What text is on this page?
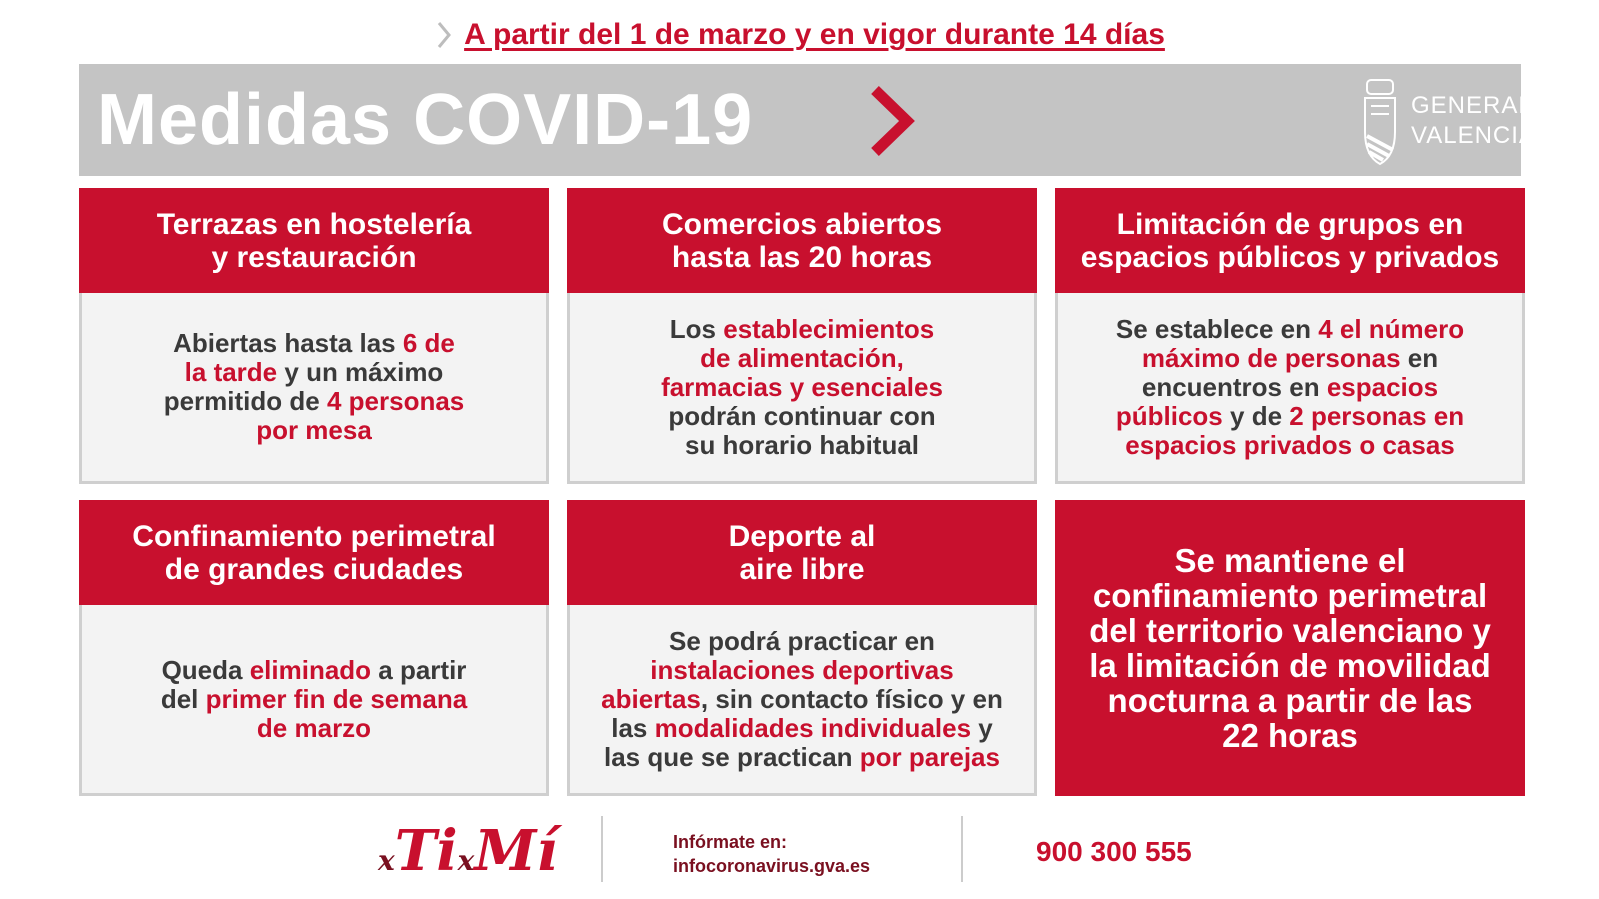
A partir del 1 de marzo y en vigor durante 14 días
Medidas COVID-19	GENERALITAT
VALENCIANA
Terrazas en hostelería
y restauración

Abiertas hasta las 6 de
la tarde y un máximo
permitido de 4 personas
por mesa

Comercios abiertos
hasta las 20 horas

Los establecimientos
de alimentación,
farmacias y esenciales
podrán continuar con
su horario habitual

Limitación de grupos en
espacios públicos y privados

Se establece en 4 el número
máximo de personas en
encuentros en espacios
públicos y de 2 personas en
espacios privados o casas

Confinamiento perimetral
de grandes ciudades

Queda eliminado a partir
del primer fin de semana
de marzo

Deporte al
aire libre

Se podrá practicar en
instalaciones deportivas
abiertas, sin contacto físico y en
las modalidades individuales y
las que se practican por parejas

Se mantiene el
confinamiento perimetral
del territorio valenciano y
la limitación de movilidad
nocturna a partir de las
22 horas
xTixMí	Infórmate en:
infocoronavirus.gva.es	900 300 555
